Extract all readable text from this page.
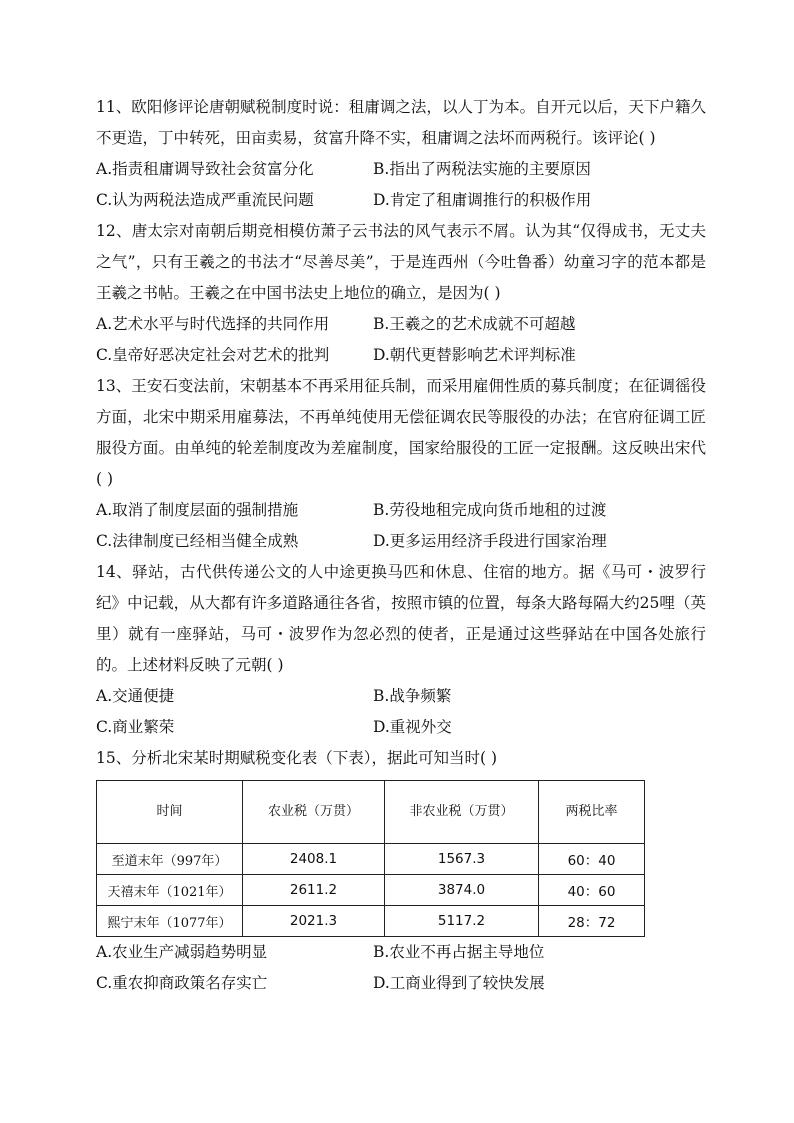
11、欧阳修评论唐朝赋税制度时说：租庸调之法，以人丁为本。自开元以后，天下户籍久不更造，丁中转死，田亩卖易，贫富升降不实，租庸调之法坏而两税行。该评论( )

A.指责租庸调导致社会贫富分化	B.指出了两税法实施的主要原因
C.认为两税法造成严重流民问题	D.肯定了租庸调推行的积极作用

12、唐太宗对南朝后期竞相模仿萧子云书法的风气表示不屑。认为其“仅得成书，无丈夫之气”，只有王羲之的书法才“尽善尽美”，于是连西州（今吐鲁番）幼童习字的范本都是王羲之书帖。王羲之在中国书法史上地位的确立，是因为( )

A.艺术水平与时代选择的共同作用	B.王羲之的艺术成就不可超越
C.皇帝好恶决定社会对艺术的批判	D.朝代更替影响艺术评判标准

13、王安石变法前，宋朝基本不再采用征兵制，而采用雇佣性质的募兵制度；在征调徭役方面，北宋中期采用雇募法，不再单纯使用无偿征调农民等服役的办法；在官府征调工匠服役方面。由单纯的轮差制度改为差雇制度，国家给服役的工匠一定报酬。这反映出宋代( )

A.取消了制度层面的强制措施	B.劳役地租完成向货币地租的过渡
C.法律制度已经相当健全成熟	D.更多运用经济手段进行国家治理

14、驿站，古代供传递公文的人中途更换马匹和休息、住宿的地方。据《马可・波罗行纪》中记载，从大都有许多道路通往各省，按照市镇的位置，每条大路每隔大约25哩（英里）就有一座驿站，马可・波罗作为忽必烈的使者，正是通过这些驿站在中国各处旅行的。上述材料反映了元朝( )

A.交通便捷	B.战争频繁
C.商业繁荣	D.重视外交

15、分析北宋某时期赋税变化表（下表），据此可知当时( )

时间	农业税（万贯）	非农业税（万贯）	两税比率
至道末年（997年）	2408.1	1567.3	60：40
天禧末年（1021年）	2611.2	3874.0	40：60
熙宁末年（1077年）	2021.3	5117.2	28：72
A.农业生产减弱趋势明显	B.农业不再占据主导地位
C.重农抑商政策名存实亡	D.工商业得到了较快发展
